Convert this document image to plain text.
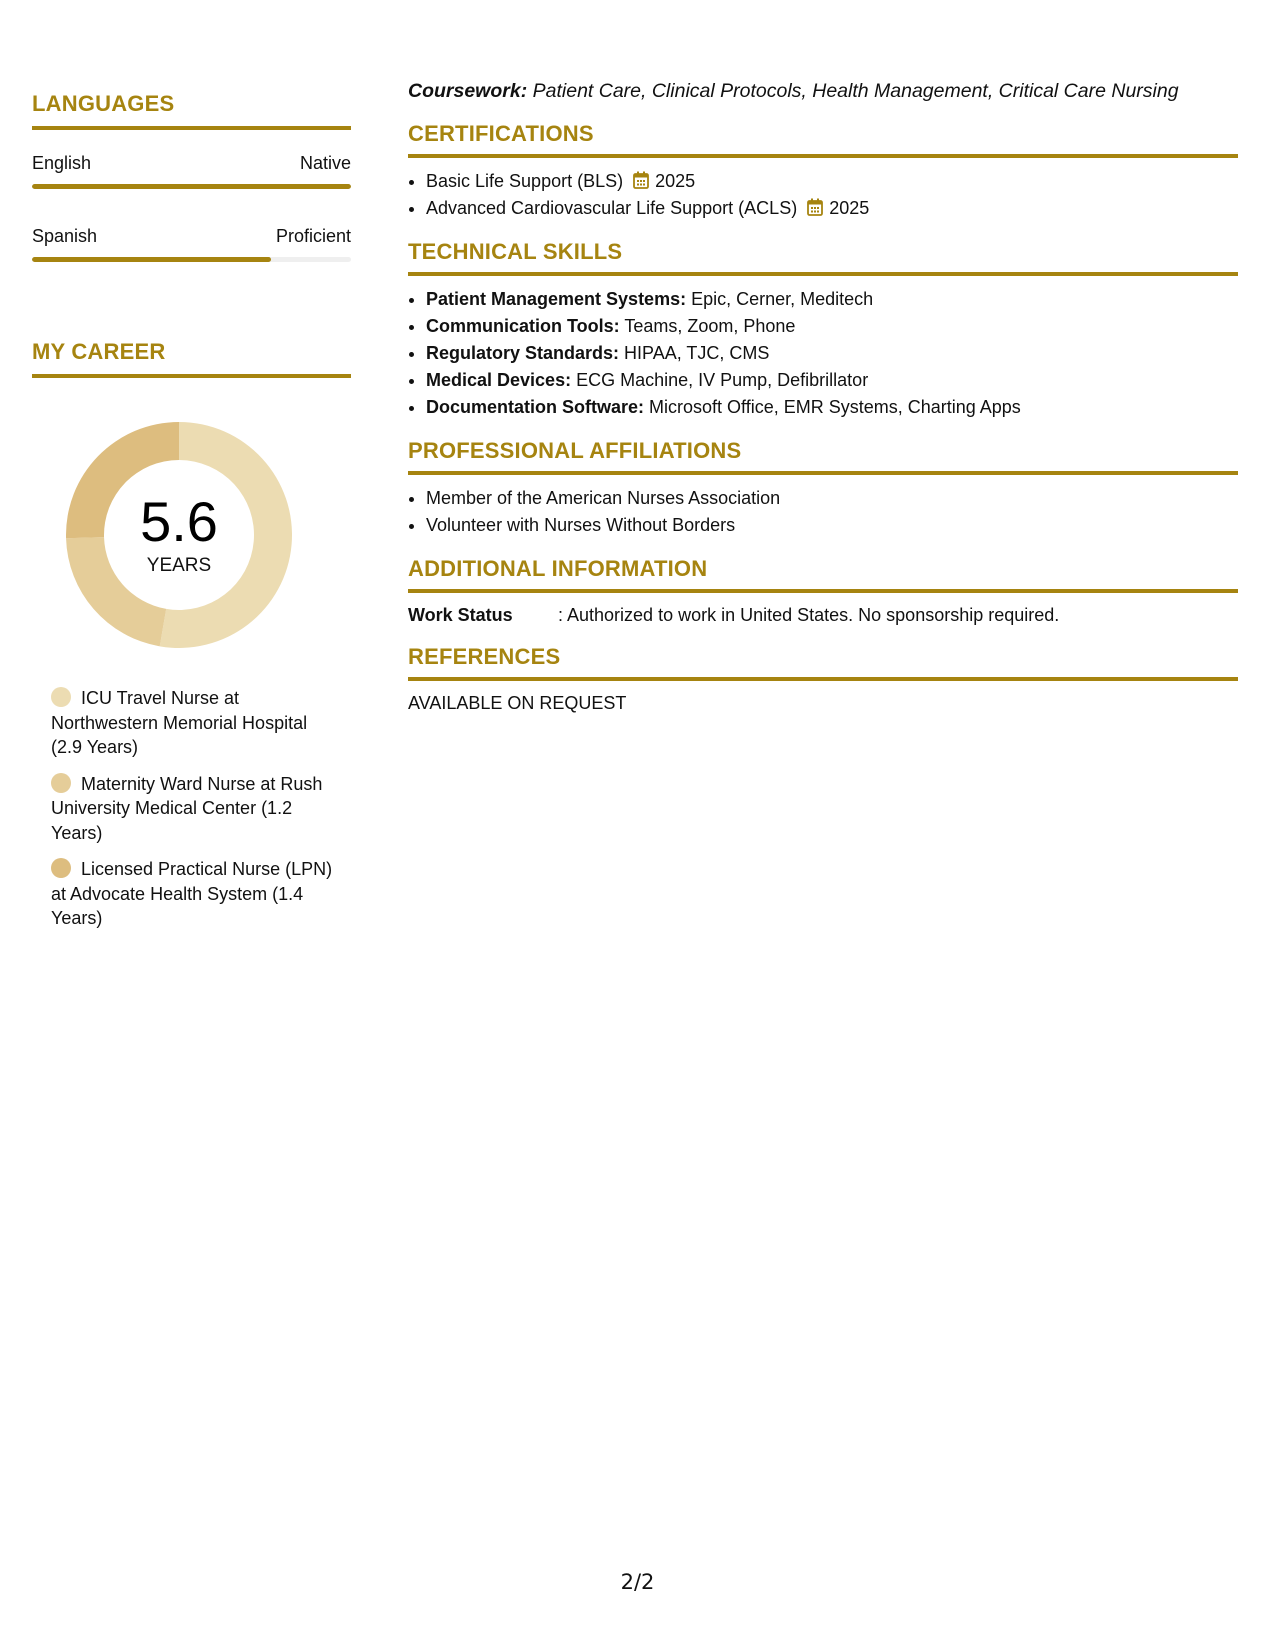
LANGUAGES
English	Native
Spanish	Proficient
MY CAREER
5.6
YEARS
ICU Travel Nurse at Northwestern Memorial Hospital (2.9 Years)
Maternity Ward Nurse at Rush University Medical Center (1.2 Years)
Licensed Practical Nurse (LPN) at Advocate Health System (1.4 Years)

Coursework: Patient Care, Clinical Protocols, Health Management, Critical Care Nursing

CERTIFICATIONS
• Basic Life Support (BLS) 2025
• Advanced Cardiovascular Life Support (ACLS) 2025
TECHNICAL SKILLS
• Patient Management Systems: Epic, Cerner, Meditech
• Communication Tools: Teams, Zoom, Phone
• Regulatory Standards: HIPAA, TJC, CMS
• Medical Devices: ECG Machine, IV Pump, Defibrillator
• Documentation Software: Microsoft Office, EMR Systems, Charting Apps
PROFESSIONAL AFFILIATIONS
• Member of the American Nurses Association
• Volunteer with Nurses Without Borders
ADDITIONAL INFORMATION
Work Status	: Authorized to work in United States. No sponsorship required.
REFERENCES
AVAILABLE ON REQUEST
2/2
